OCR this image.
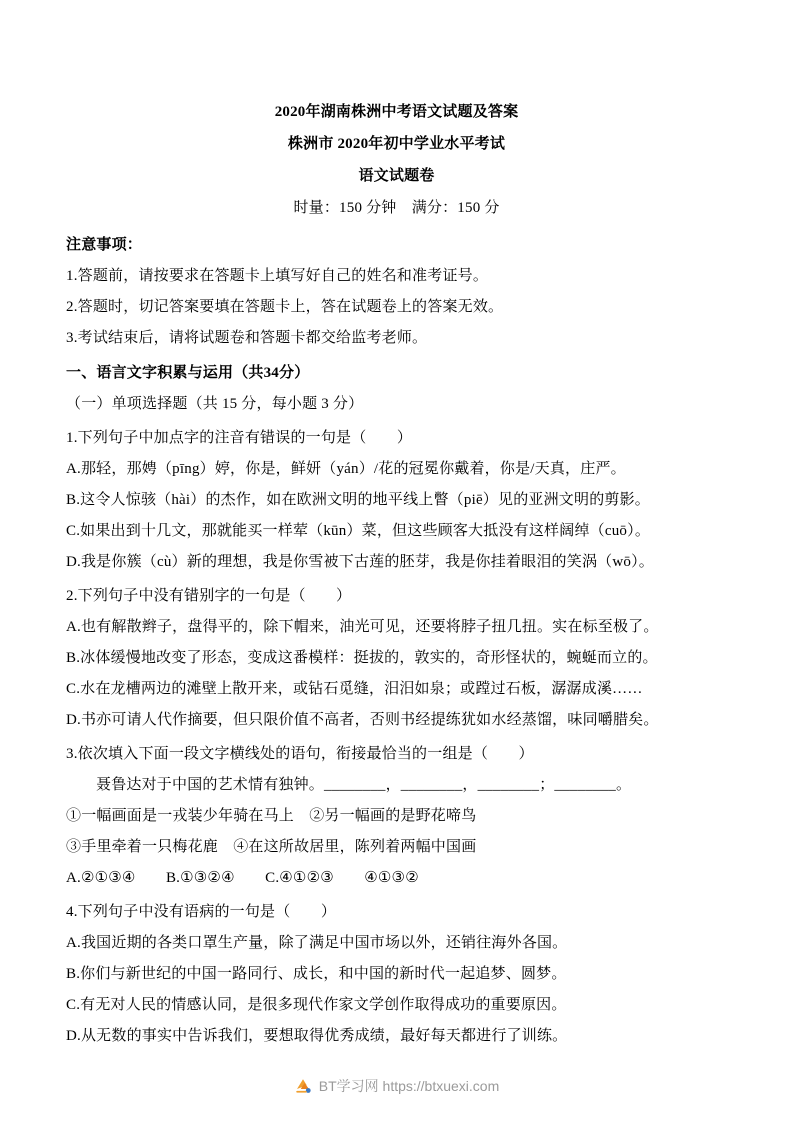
2020年湖南株洲中考语文试题及答案

株洲市 2020年初中学业水平考试

语文试题卷

时量：150 分钟　满分：150 分

注意事项：

1.答题前，请按要求在答题卡上填写好自己的姓名和准考证号。

2.答题时，切记答案要填在答题卡上，答在试题卷上的答案无效。

3.考试结束后，请将试题卷和答题卡都交给监考老师。

一、语言文字积累与运用（共34分）

（一）单项选择题（共 15 分，每小题 3 分）

1.下列句子中加点字的注音有错误的一句是（　　）

A.那轻，那娉（pīng）婷，你是，鲜妍（yán）/花的冠冕你戴着，你是/天真，庄严。

B.这令人惊骇（hài）的杰作，如在欧洲文明的地平线上瞥（piē）见的亚洲文明的剪影。

C.如果出到十几文，那就能买一样荤（kūn）菜，但这些顾客大抵没有这样阔绰（cuō）。

D.我是你簇（cù）新的理想，我是你雪被下古莲的胚芽，我是你挂着眼泪的笑涡（wō）。

2.下列句子中没有错别字的一句是（　　）

A.也有解散辫子，盘得平的，除下帽来，油光可见，还要将脖子扭几扭。实在标至极了。

B.冰体缓慢地改变了形态，变成这番模样：挺拔的，敦实的，奇形怪状的，蜿蜒而立的。

C.水在龙槽两边的滩壁上散开来，或钻石觅缝，汨汨如泉；或蹚过石板，潺潺成溪……

D.书亦可请人代作摘要，但只限价值不高者，否则书经提练犹如水经蒸馏，味同嚼腊矣。

3.依次填入下面一段文字横线处的语句，衔接最恰当的一组是（　　）

聂鲁达对于中国的艺术情有独钟。________，________，________；________。

①一幅画面是一戎装少年骑在马上　②另一幅画的是野花啼鸟

③手里牵着一只梅花鹿　④在这所故居里，陈列着两幅中国画

A.②①③④　　B.①③②④　　C.④①②③　　④①③②

4.下列句子中没有语病的一句是（　　）

A.我国近期的各类口罩生产量，除了满足中国市场以外，还销往海外各国。

B.你们与新世纪的中国一路同行、成长，和中国的新时代一起追梦、圆梦。

C.有无对人民的情感认同，是很多现代作家文学创作取得成功的重要原因。

D.从无数的事实中告诉我们，要想取得优秀成绩，最好每天都进行了训练。

BT学习网 https://btxuexi.com
